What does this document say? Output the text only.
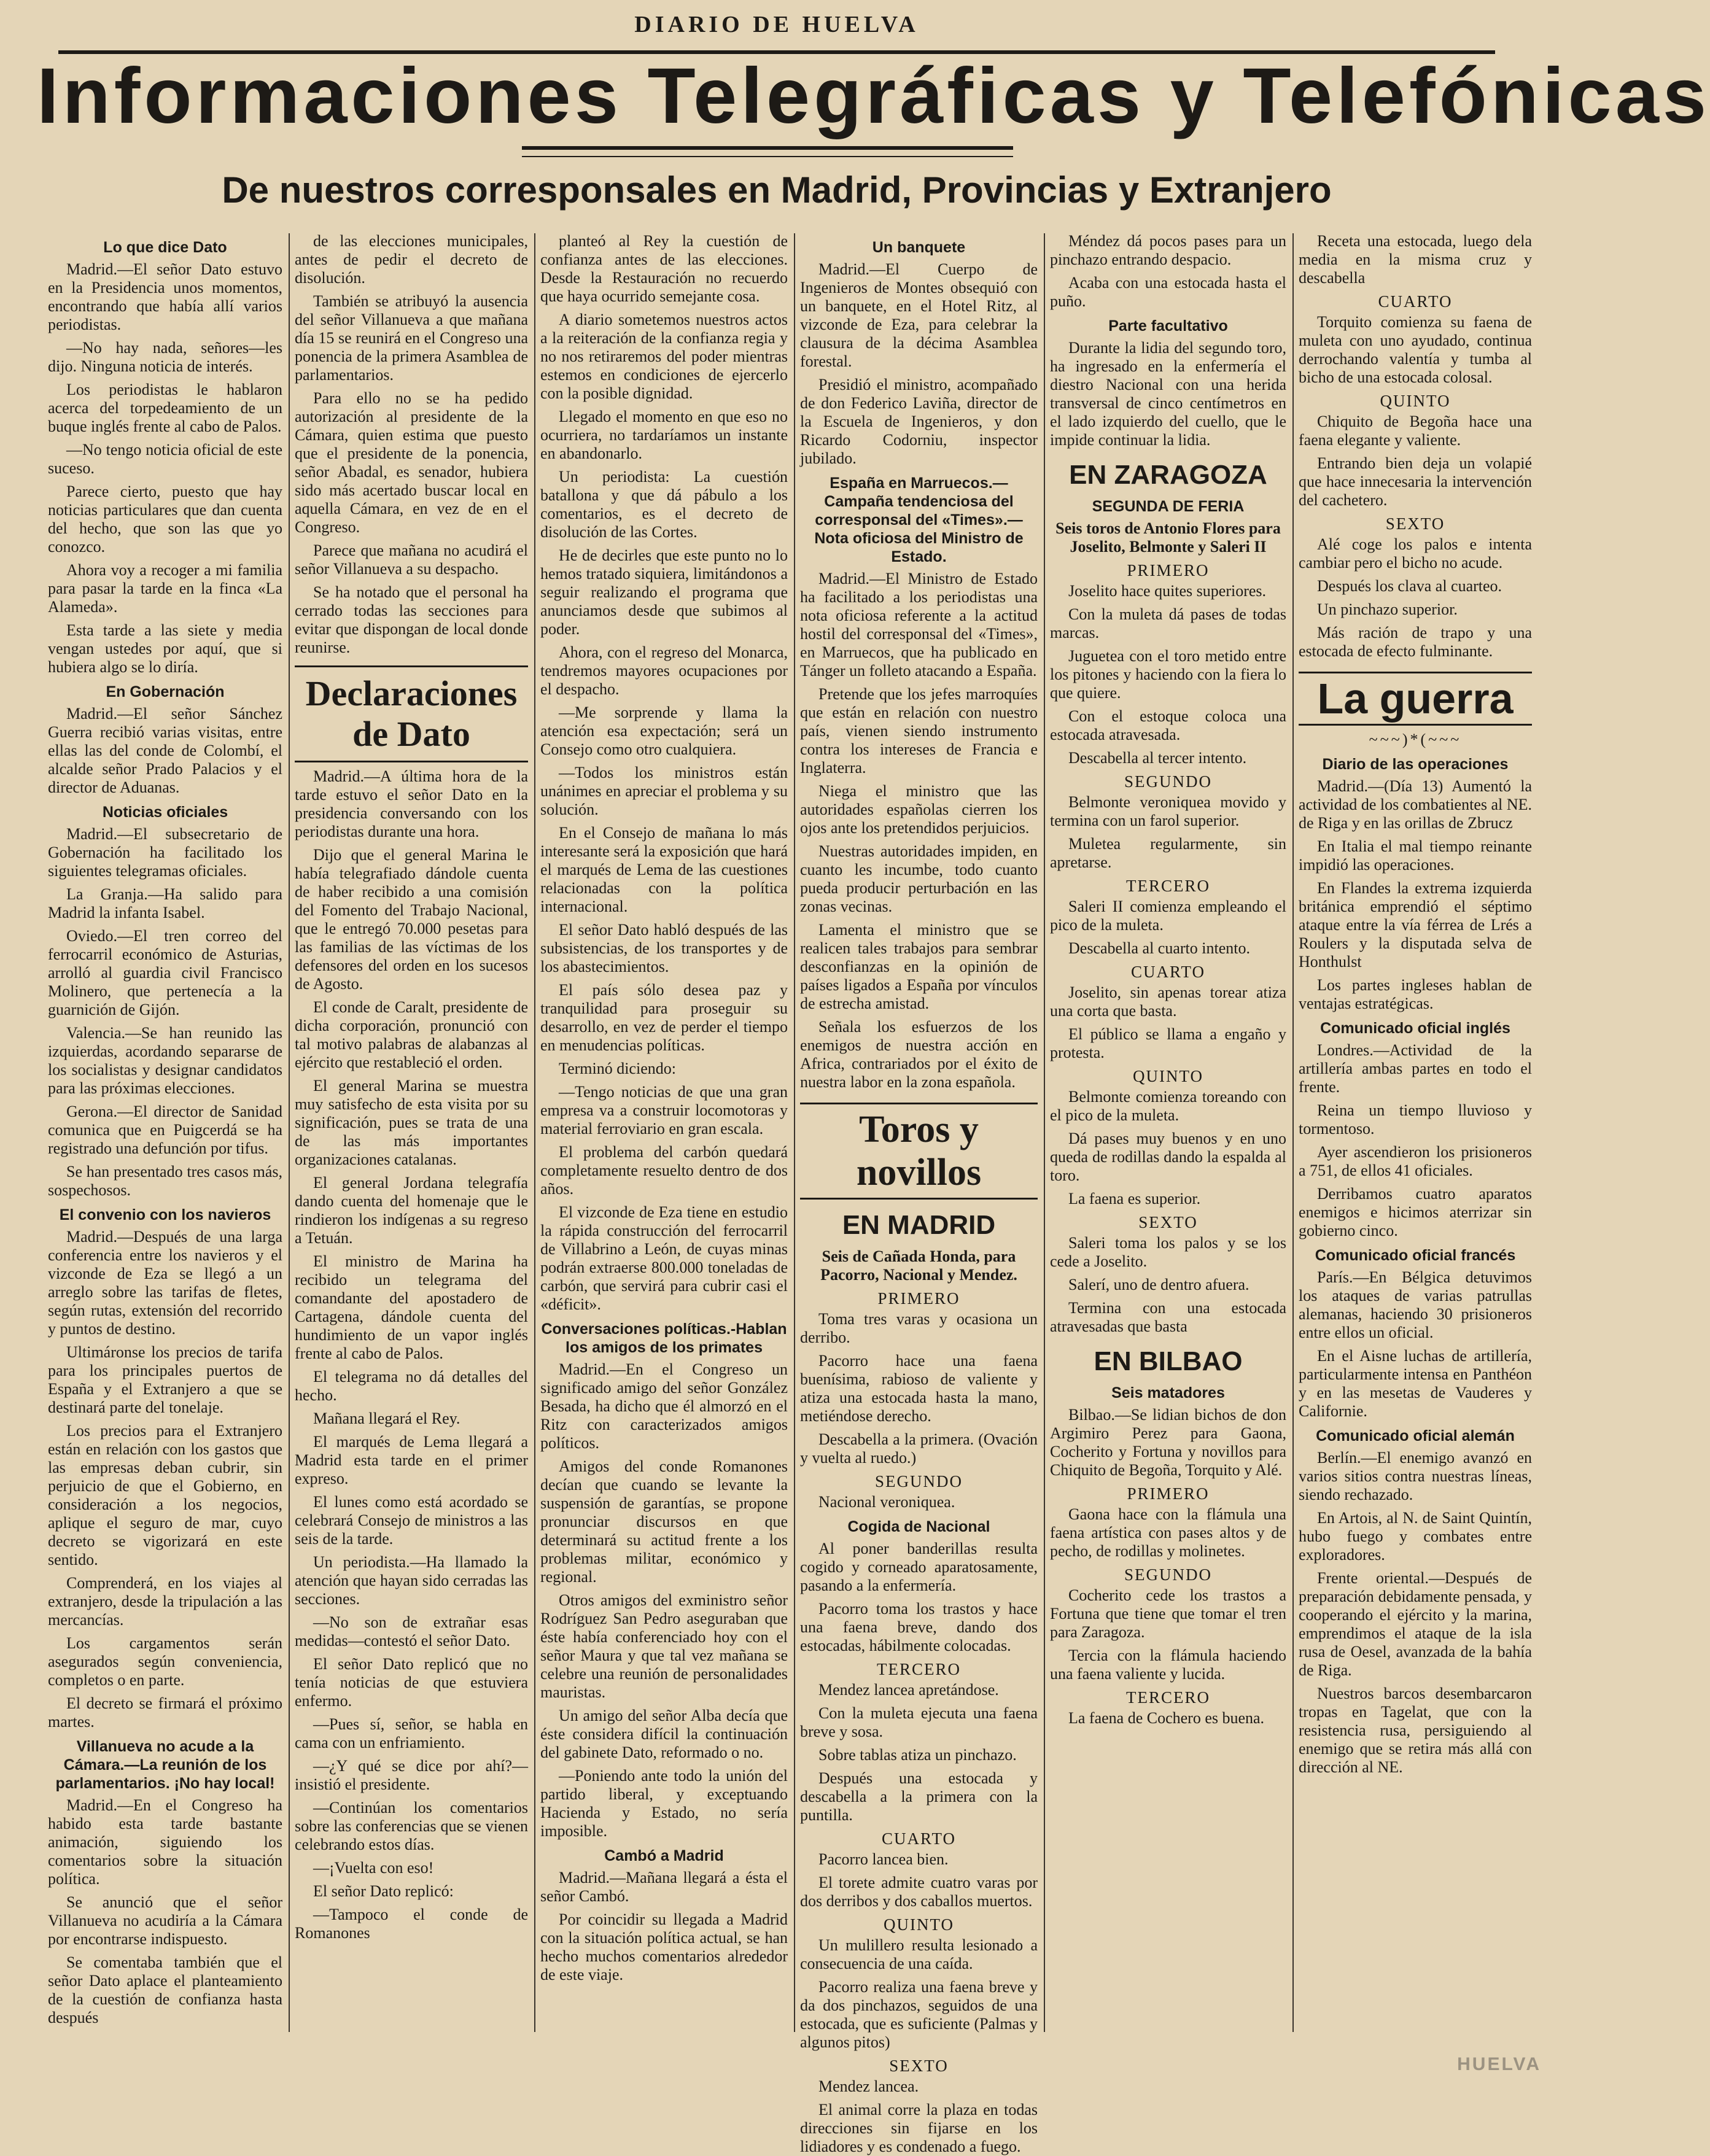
DIARIO DE HUELVA
Informaciones Telegráficas y Telefónicas
De nuestros corresponsales en Madrid, Provincias y Extranjero
Lo que dice Dato

Madrid.—El señor Dato estuvo en la Presidencia unos momentos, encontrando que había allí varios periodistas.

—No hay nada, señores—les dijo. Ninguna noticia de interés.

Los periodistas le hablaron acerca del torpedeamiento de un buque inglés frente al cabo de Palos.

—No tengo noticia oficial de este suceso.

Parece cierto, puesto que hay noticias particulares que dan cuenta del hecho, que son las que yo conozco.

Ahora voy a recoger a mi familia para pasar la tarde en la finca «La Alameda».

Esta tarde a las siete y media vengan ustedes por aquí, que si hubiera algo se lo diría.

En Gobernación

Madrid.—El señor Sánchez Guerra recibió varias visitas, entre ellas las del conde de Colombí, el alcalde señor Prado Palacios y el director de Aduanas.

Noticias oficiales

Madrid.—El subsecretario de Gobernación ha facilitado los siguientes telegramas oficiales.

La Granja.—Ha salido para Madrid la infanta Isabel.

Oviedo.—El tren correo del ferrocarril económico de Asturias, arrolló al guardia civil Francisco Molinero, que pertenecía a la guarnición de Gijón.

Valencia.—Se han reunido las izquierdas, acordando separarse de los socialistas y designar candidatos para las próximas elecciones.

Gerona.—El director de Sanidad comunica que en Puigcerdá se ha registrado una defunción por tifus.

Se han presentado tres casos más, sospechosos.

El convenio con los navieros

Madrid.—Después de una larga conferencia entre los navieros y el vizconde de Eza se llegó a un arreglo sobre las tarifas de fletes, según rutas, extensión del recorrido y puntos de destino.

Ultimáronse los precios de tarifa para los principales puertos de España y el Extranjero a que se destinará parte del tonelaje.

Los precios para el Extranjero están en relación con los gastos que las empresas deban cubrir, sin perjuicio de que el Gobierno, en consideración a los negocios, aplique el seguro de mar, cuyo decreto se vigorizará en este sentido.

Comprenderá, en los viajes al extranjero, desde la tripulación a las mercancías.

Los cargamentos serán asegurados según conveniencia, completos o en parte.

El decreto se firmará el próximo martes.

Villanueva no acude a la Cámara.—La reunión de los parlamentarios. ¡No hay local!

Madrid.—En el Congreso ha habido esta tarde bastante animación, siguiendo los comentarios sobre la situación política.

Se anunció que el señor Villanueva no acudiría a la Cámara por encontrarse indispuesto.

Se comentaba también que el señor Dato aplace el planteamiento de la cuestión de confianza hasta después

de las elecciones municipales, antes de pedir el decreto de disolución.

También se atribuyó la ausencia del señor Villanueva a que mañana día 15 se reunirá en el Congreso una ponencia de la primera Asamblea de parlamentarios.

Para ello no se ha pedido autorización al presidente de la Cámara, quien estima que puesto que el presidente de la ponencia, señor Abadal, es senador, hubiera sido más acertado buscar local en aquella Cámara, en vez de en el Congreso.

Parece que mañana no acudirá el señor Villanueva a su despacho.

Se ha notado que el personal ha cerrado todas las secciones para evitar que dispongan de local donde reunirse.

Declaraciones de Dato

Madrid.—A última hora de la tarde estuvo el señor Dato en la presidencia conversando con los periodistas durante una hora.

Dijo que el general Marina le había telegrafiado dándole cuenta de haber recibido a una comisión del Fomento del Trabajo Nacional, que le entregó 70.000 pesetas para las familias de las víctimas de los defensores del orden en los sucesos de Agosto.

El conde de Caralt, presidente de dicha corporación, pronunció con tal motivo palabras de alabanzas al ejército que restableció el orden.

El general Marina se muestra muy satisfecho de esta visita por su significación, pues se trata de una de las más importantes organizaciones catalanas.

El general Jordana telegrafía dando cuenta del homenaje que le rindieron los indígenas a su regreso a Tetuán.

El ministro de Marina ha recibido un telegrama del comandante del apostadero de Cartagena, dándole cuenta del hundimiento de un vapor inglés frente al cabo de Palos.

El telegrama no dá detalles del hecho.

Mañana llegará el Rey.

El marqués de Lema llegará a Madrid esta tarde en el primer expreso.

El lunes como está acordado se celebrará Consejo de ministros a las seis de la tarde.

Un periodista.—Ha llamado la atención que hayan sido cerradas las secciones.

—No son de extrañar esas medidas—contestó el señor Dato.

El señor Dato replicó que no tenía noticias de que estuviera enfermo.

—Pues sí, señor, se habla en cama con un enfriamiento.

—¿Y qué se dice por ahí?—insistió el presidente.

—Continúan los comentarios sobre las conferencias que se vienen celebrando estos días.

—¡Vuelta con eso!

El señor Dato replicó:

—Tampoco el conde de Romanones

planteó al Rey la cuestión de confianza antes de las elecciones. Desde la Restauración no recuerdo que haya ocurrido semejante cosa.

A diario sometemos nuestros actos a la reiteración de la confianza regia y no nos retiraremos del poder mientras estemos en condiciones de ejercerlo con la posible dignidad.

Llegado el momento en que eso no ocurriera, no tardaríamos un instante en abandonarlo.

Un periodista: La cuestión batallona y que dá pábulo a los comentarios, es el decreto de disolución de las Cortes.

He de decirles que este punto no lo hemos tratado siquiera, limitándonos a seguir realizando el programa que anunciamos desde que subimos al poder.

Ahora, con el regreso del Monarca, tendremos mayores ocupaciones por el despacho.

—Me sorprende y llama la atención esa expectación; será un Consejo como otro cualquiera.

—Todos los ministros están unánimes en apreciar el problema y su solución.

En el Consejo de mañana lo más interesante será la exposición que hará el marqués de Lema de las cuestiones relacionadas con la política internacional.

El señor Dato habló después de las subsistencias, de los transportes y de los abastecimientos.

El país sólo desea paz y tranquilidad para proseguir su desarrollo, en vez de perder el tiempo en menudencias políticas.

Terminó diciendo:

—Tengo noticias de que una gran empresa va a construir locomotoras y material ferroviario en gran escala.

El problema del carbón quedará completamente resuelto dentro de dos años.

El vizconde de Eza tiene en estudio la rápida construcción del ferrocarril de Villabrino a León, de cuyas minas podrán extraerse 800.000 toneladas de carbón, que servirá para cubrir casi el «déficit».

Conversaciones políticas.-Hablan los amigos de los primates

Madrid.—En el Congreso un significado amigo del señor González Besada, ha dicho que él almorzó en el Ritz con caracterizados amigos políticos.

Amigos del conde Romanones decían que cuando se levante la suspensión de garantías, se propone pronunciar discursos en que determinará su actitud frente a los problemas militar, económico y regional.

Otros amigos del exministro señor Rodríguez San Pedro aseguraban que éste había conferenciado hoy con el señor Maura y que tal vez mañana se celebre una reunión de personalidades mauristas.

Un amigo del señor Alba decía que éste considera difícil la continuación del gabinete Dato, reformado o no.

—Poniendo ante todo la unión del partido liberal, y exceptuando Hacienda y Estado, no sería imposible.

Cambó a Madrid

Madrid.—Mañana llegará a ésta el señor Cambó.

Por coincidir su llegada a Madrid con la situación política actual, se han hecho muchos comentarios alrededor de este viaje.

Un banquete

Madrid.—El Cuerpo de Ingenieros de Montes obsequió con un banquete, en el Hotel Ritz, al vizconde de Eza, para celebrar la clausura de la décima Asamblea forestal.

Presidió el ministro, acompañado de don Federico Laviña, director de la Escuela de Ingenieros, y don Ricardo Codorniu, inspector jubilado.

España en Marruecos.—Campaña tendenciosa del corresponsal del «Times».—Nota oficiosa del Ministro de Estado.

Madrid.—El Ministro de Estado ha facilitado a los periodistas una nota oficiosa referente a la actitud hostil del corresponsal del «Times», en Marruecos, que ha publicado en Tánger un folleto atacando a España.

Pretende que los jefes marroquíes que están en relación con nuestro país, vienen siendo instrumento contra los intereses de Francia e Inglaterra.

Niega el ministro que las autoridades españolas cierren los ojos ante los pretendidos perjuicios.

Nuestras autoridades impiden, en cuanto les incumbe, todo cuanto pueda producir perturbación en las zonas vecinas.

Lamenta el ministro que se realicen tales trabajos para sembrar desconfianzas en la opinión de países ligados a España por vínculos de estrecha amistad.

Señala los esfuerzos de los enemigos de nuestra acción en Africa, contrariados por el éxito de nuestra labor en la zona española.

Toros y novillos
EN MADRID

Seis de Cañada Honda, para Pacorro, Nacional y Mendez.

PRIMERO

Toma tres varas y ocasiona un derribo.

Pacorro hace una faena buenísima, rabioso de valiente y atiza una estocada hasta la mano, metiéndose derecho.

Descabella a la primera. (Ovación y vuelta al ruedo.)

SEGUNDO

Nacional veroniquea.

Cogida de Nacional

Al poner banderillas resulta cogido y corneado aparatosamente, pasando a la enfermería.

Pacorro toma los trastos y hace una faena breve, dando dos estocadas, hábilmente colocadas.

TERCERO

Mendez lancea apretándose.

Con la muleta ejecuta una faena breve y sosa.

Sobre tablas atiza un pinchazo.

Después una estocada y descabella a la primera con la puntilla.

CUARTO

Pacorro lancea bien.

El torete admite cuatro varas por dos derribos y dos caballos muertos.

QUINTO

Un mulillero resulta lesionado a consecuencia de una caída.

Pacorro realiza una faena breve y da dos pinchazos, seguidos de una estocada, que es suficiente (Palmas y algunos pitos)

SEXTO

Mendez lancea.

El animal corre la plaza en todas direcciones sin fijarse en los lidiadores y es condenado a fuego.

Méndez dá pocos pases para un pinchazo entrando despacio.

Acaba con una estocada hasta el puño.

Parte facultativo

Durante la lidia del segundo toro, ha ingresado en la enfermería el diestro Nacional con una herida transversal de cinco centímetros en el lado izquierdo del cuello, que le impide continuar la lidia.

EN ZARAGOZA
SEGUNDA DE FERIA

Seis toros de Antonio Flores para Joselito, Belmonte y Saleri II

PRIMERO

Joselito hace quites superiores.

Con la muleta dá pases de todas marcas.

Juguetea con el toro metido entre los pitones y haciendo con la fiera lo que quiere.

Con el estoque coloca una estocada atravesada.

Descabella al tercer intento.

SEGUNDO

Belmonte veroniquea movido y termina con un farol superior.

Muletea regularmente, sin apretarse.

TERCERO

Saleri II comienza empleando el pico de la muleta.

Descabella al cuarto intento.

CUARTO

Joselito, sin apenas torear atiza una corta que basta.

El público se llama a engaño y protesta.

QUINTO

Belmonte comienza toreando con el pico de la muleta.

Dá pases muy buenos y en uno queda de rodillas dando la espalda al toro.

La faena es superior.

SEXTO

Saleri toma los palos y se los cede a Joselito.

Salerí, uno de dentro afuera.

Termina con una estocada atravesadas que basta

EN BILBAO
Seis matadores

Bilbao.—Se lidian bichos de don Argimiro Perez para Gaona, Cocherito y Fortuna y novillos para Chiquito de Begoña, Torquito y Alé.

PRIMERO

Gaona hace con la flámula una faena artística con pases altos y de pecho, de rodillas y molinetes.

SEGUNDO

Cocherito cede los trastos a Fortuna que tiene que tomar el tren para Zaragoza.

Tercia con la flámula haciendo una faena valiente y lucida.

TERCERO

La faena de Cochero es buena.

Receta una estocada, luego dela media en la misma cruz y descabella

CUARTO

Torquito comienza su faena de muleta con uno ayudado, continua derrochando valentía y tumba al bicho de una estocada colosal.

QUINTO

Chiquito de Begoña hace una faena elegante y valiente.

Entrando bien deja un volapié que hace innecesaria la intervención del cachetero.

SEXTO

Alé coge los palos e intenta cambiar pero el bicho no acude.

Después los clava al cuarteo.

Un pinchazo superior.

Más ración de trapo y una estocada de efecto fulminante.

La guerra
~~~)*(~~~
Diario de las operaciones

Madrid.—(Día 13) Aumentó la actividad de los combatientes al NE. de Riga y en las orillas de Zbrucz

En Italia el mal tiempo reinante impidió las operaciones.

En Flandes la extrema izquierda británica emprendió el séptimo ataque entre la vía férrea de Lrés a Roulers y la disputada selva de Honthulst

Los partes ingleses hablan de ventajas estratégicas.

Comunicado oficial inglés

Londres.—Actividad de la artillería ambas partes en todo el frente.

Reina un tiempo lluvioso y tormentoso.

Ayer ascendieron los prisioneros a 751, de ellos 41 oficiales.

Derribamos cuatro aparatos enemigos e hicimos aterrizar sin gobierno cinco.

Comunicado oficial francés

París.—En Bélgica detuvimos los ataques de varias patrullas alemanas, haciendo 30 prisioneros entre ellos un oficial.

En el Aisne luchas de artillería, particularmente intensa en Panthéon y en las mesetas de Vauderes y Californie.

Comunicado oficial alemán

Berlín.—El enemigo avanzó en varios sitios contra nuestras líneas, siendo rechazado.

En Artois, al N. de Saint Quintín, hubo fuego y combates entre exploradores.

Frente oriental.—Después de preparación debidamente pensada, y cooperando el ejército y la marina, emprendimos el ataque de la isla rusa de Oesel, avanzada de la bahía de Riga.

Nuestros barcos desembarcaron tropas en Tagelat, que con la resistencia rusa, persiguiendo al enemigo que se retira más allá con dirección al NE.

HUELVA
